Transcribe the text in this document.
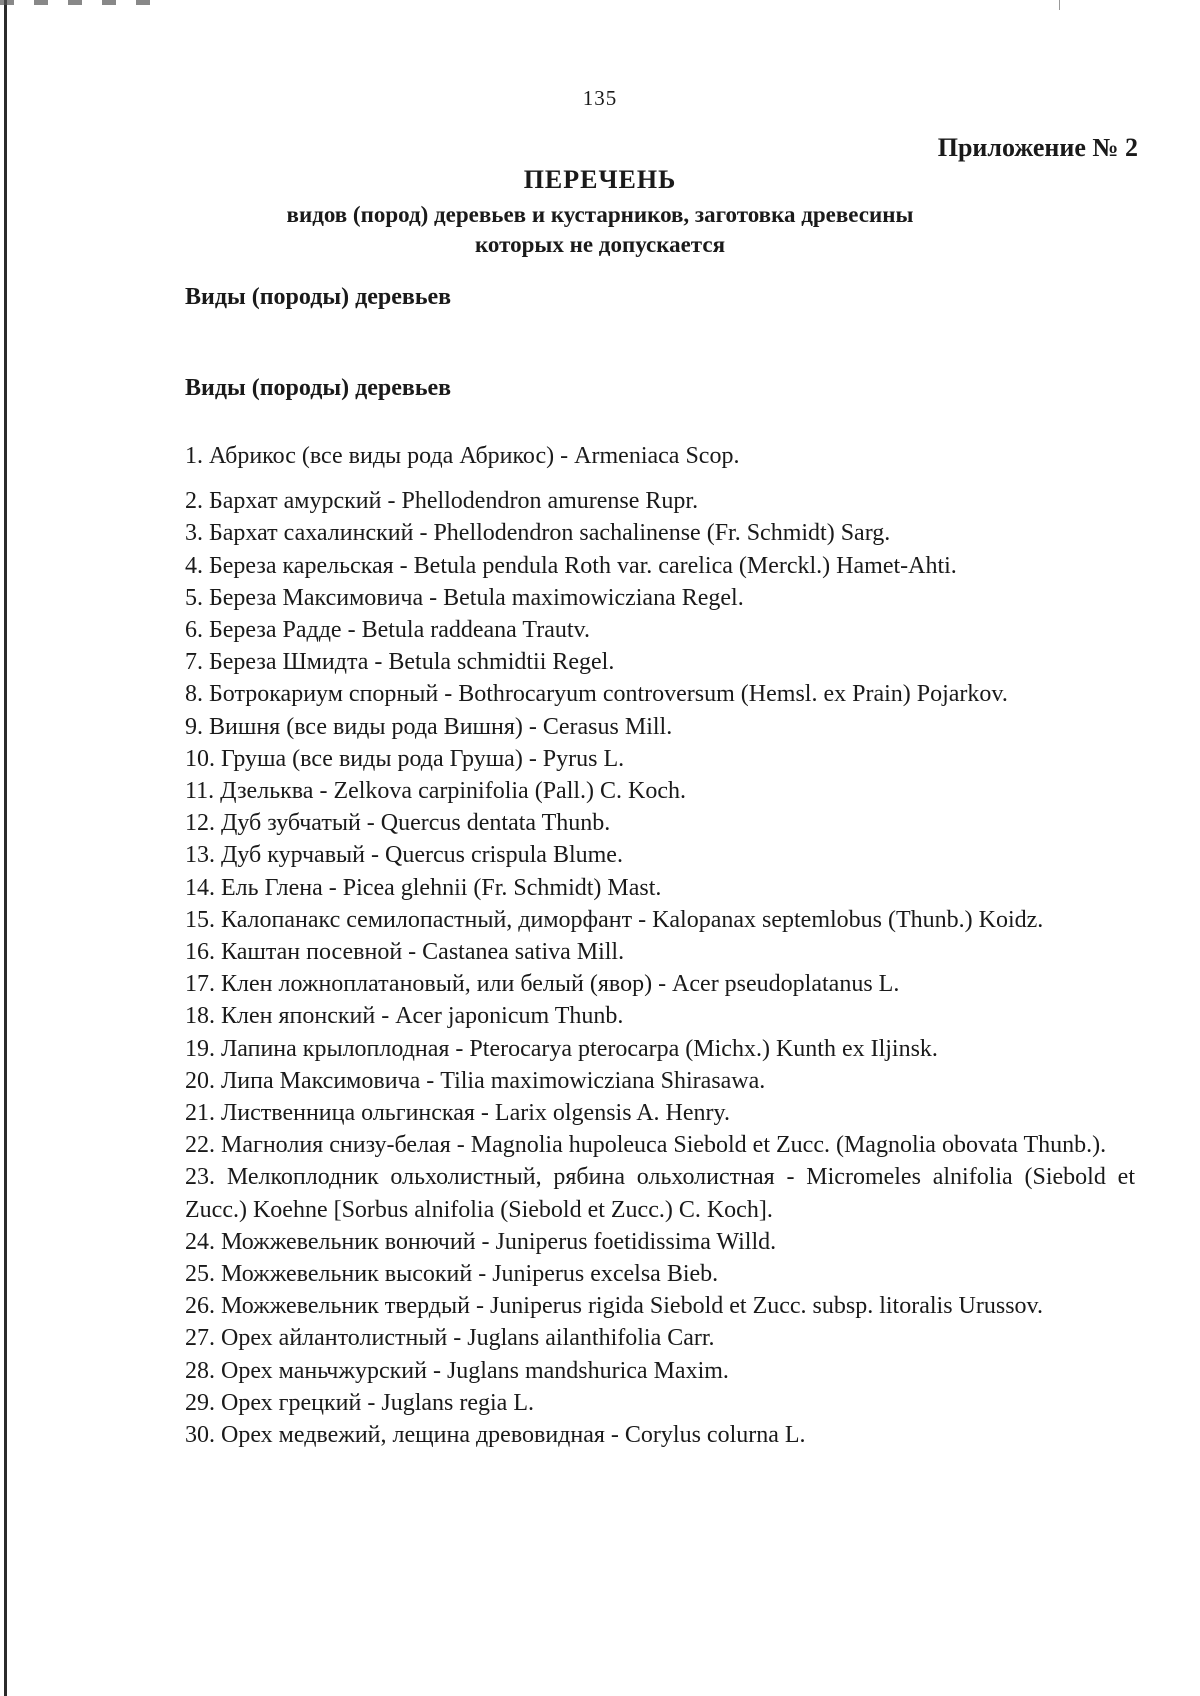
135
Приложение № 2
ПЕРЕЧЕНЬ
видов (пород) деревьев и кустарников, заготовка древесины
которых не допускается
Виды (породы) деревьев
Виды (породы) деревьев
1. Абрикос (все виды рода Абрикос) - Armeniaca Scop.
2. Бархат амурский - Phellodendron amurense Rupr.
3. Бархат сахалинский - Phellodendron sachalinense (Fr. Schmidt) Sarg.
4. Береза карельская - Betula pendula Roth var. carelica (Merckl.) Hamet-Ahti.
5. Береза Максимовича - Betula maximowicziana Regel.
6. Береза Радде - Betula raddeana Trautv.
7. Береза Шмидта - Betula schmidtii Regel.
8. Ботрокариум спорный - Bothrocaryum controversum (Hemsl. ex Prain) Pojarkov.
9. Вишня (все виды рода Вишня) - Cerasus Mill.
10. Груша (все виды рода Груша) - Pyrus L.
11. Дзельква - Zelkova carpinifolia (Pall.) C. Koch.
12. Дуб зубчатый - Quercus dentata Thunb.
13. Дуб курчавый - Quercus crispula Blume.
14. Ель Глена - Picea glehnii (Fr. Schmidt) Mast.
15. Калопанакс семилопастный, диморфант - Kalopanax septemlobus (Thunb.) Koidz.
16. Каштан посевной - Castanea sativa Mill.
17. Клен ложноплатановый, или белый (явор) - Acer pseudoplatanus L.
18. Клен японский - Acer japonicum Thunb.
19. Лапина крылоплодная - Pterocarya pterocarpa (Michx.) Kunth ex Iljinsk.
20. Липа Максимовича - Tilia maximowicziana Shirasawa.
21. Лиственница ольгинская - Larix olgensis A. Henry.
22. Магнолия снизу-белая - Magnolia hupoleuca Siebold et Zucc. (Magnolia obovata Thunb.).
23. Мелкоплодник ольхолистный, рябина ольхолистная - Micromeles alnifolia (Siebold et Zucc.) Koehne [Sorbus alnifolia (Siebold et Zucc.) C. Koch].
24. Можжевельник вонючий - Juniperus foetidissima Willd.
25. Можжевельник высокий - Juniperus excelsa Bieb.
26. Можжевельник твердый - Juniperus rigida Siebold et Zucc. subsp. litoralis Urussov.
27. Орех айлантолистный - Juglans ailanthifolia Carr.
28. Орех маньчжурский - Juglans mandshurica Maxim.
29. Орех грецкий - Juglans regia L.
30. Орех медвежий, лещина древовидная - Corylus colurna L.
